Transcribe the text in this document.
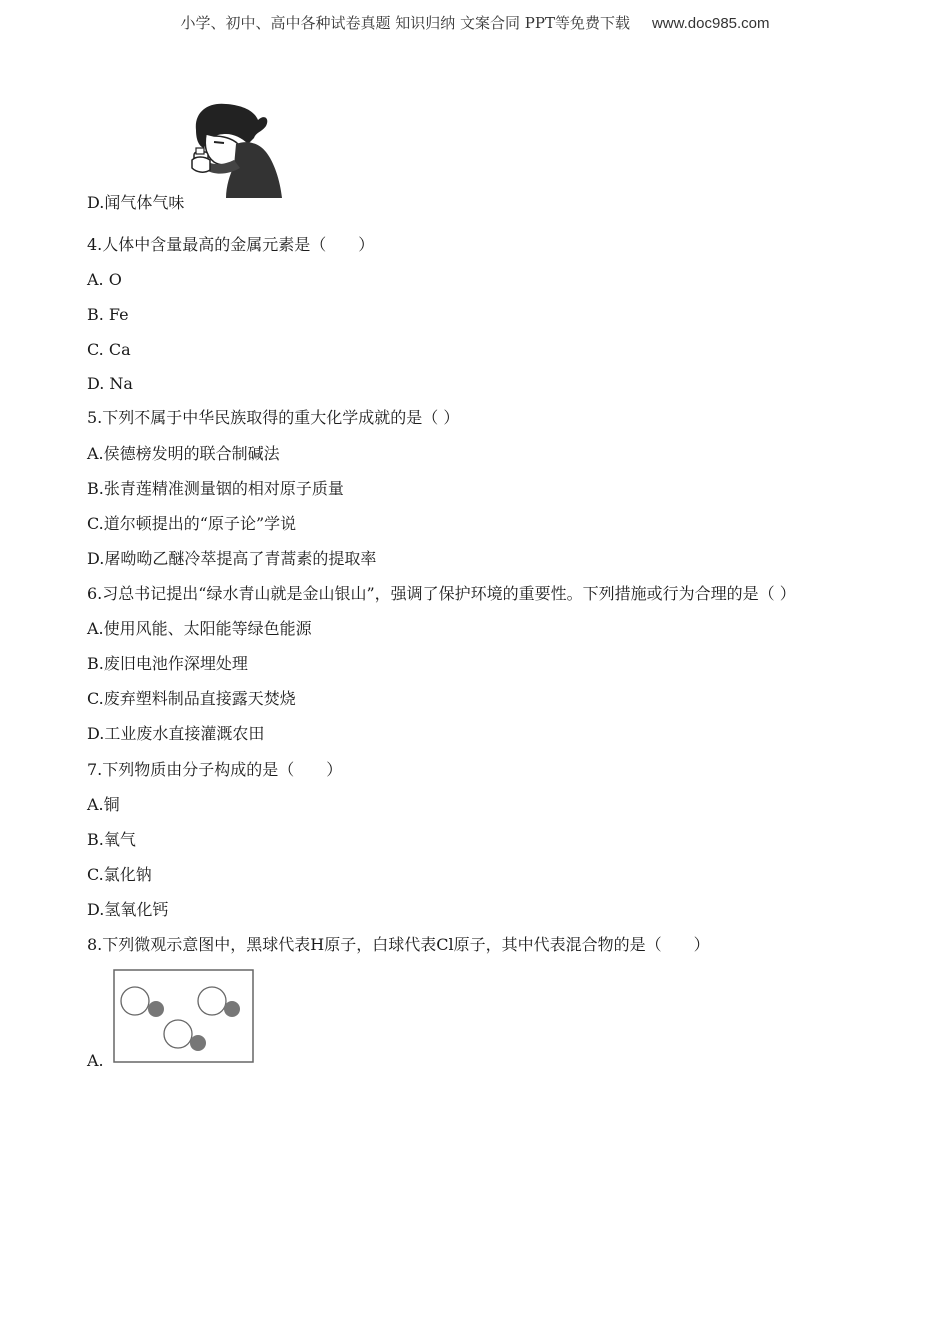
小学、初中、高中各种试卷真题 知识归纳 文案合同 PPT等免费下载 www.doc985.com
D.闻气体气味
4.人体中含量最高的金属元素是（　　）
A. O
B. Fe
C. Ca
D. Na
5.下列不属于中华民族取得的重大化学成就的是（ ）
A.侯德榜发明的联合制碱法
B.张青莲精准测量铟的相对原子质量
C.道尔顿提出的“原子论”学说
D.屠呦呦乙醚冷萃提高了青蒿素的提取率
6.习总书记提出“绿水青山就是金山银山”，强调了保护环境的重要性。下列措施或行为合理的是（ ）
A.使用风能、太阳能等绿色能源
B.废旧电池作深埋处理
C.废弃塑料制品直接露天焚烧
D.工业废水直接灌溉农田
7.下列物质由分子构成的是（　　）
A.铜
B.氧气
C.氯化钠
D.氢氧化钙
8.下列微观示意图中，黑球代表H原子，白球代表Cl原子，其中代表混合物的是（　　）
A.
